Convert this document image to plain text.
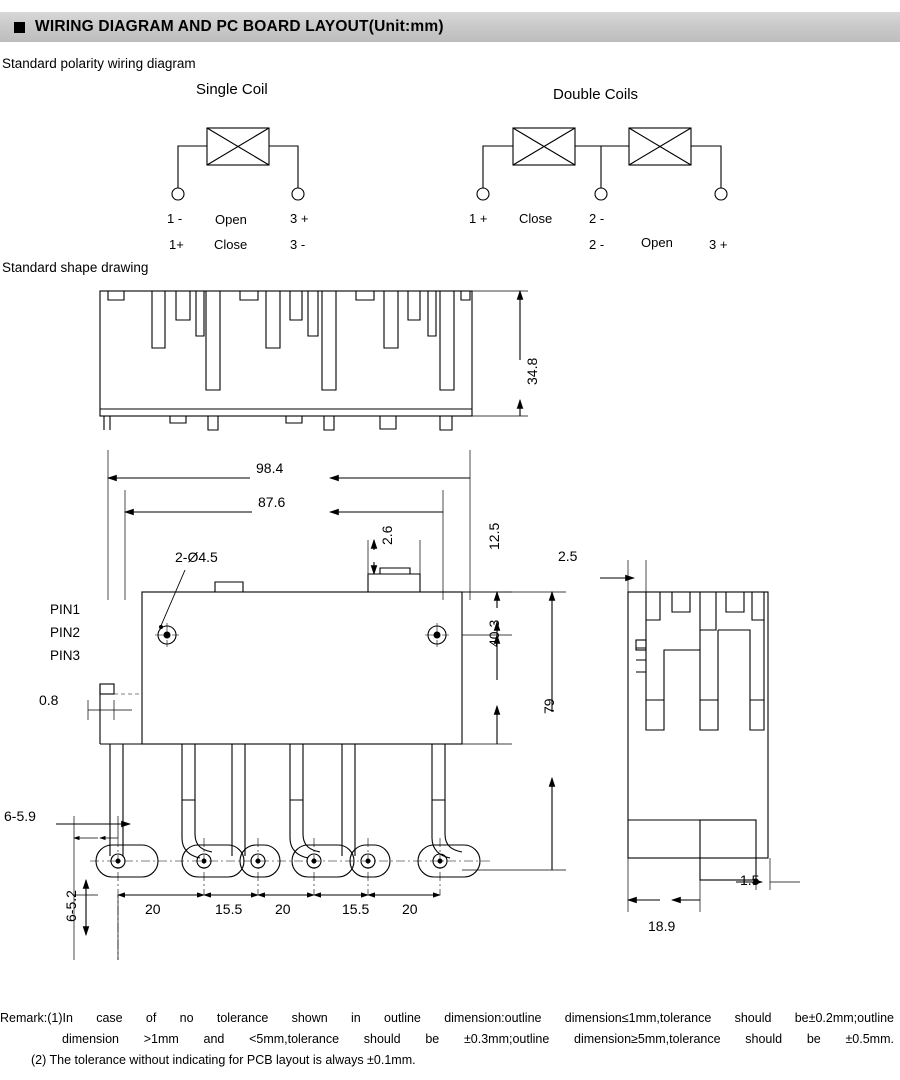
WIRING DIAGRAM AND PC BOARD LAYOUT(Unit:mm)
Standard polarity wiring diagram
Standard shape drawing
Single Coil	Double Coils
1 -
1+
Open
Close
3 +
3 -
1 + Close	2 -
2 -	Open	3 +
34.8
98.4
87.6
2.6	12.5
2.5
2-Ø4.5
PIN1
PIN2
PIN3
0.8
40.3
79
6-5.9
6-5.2	20	15.5 20	15.5 20
18.9
1.5
Remark:(1)In case of no tolerance shown in outline dimension:outline dimension≤1mm,tolerance should be±0.2mm;outline
dimension >1mm and <5mm,tolerance should be ±0.3mm;outline dimension≥5mm,tolerance should be ±0.5mm.
(2) The tolerance without indicating for PCB layout is always ±0.1mm.
